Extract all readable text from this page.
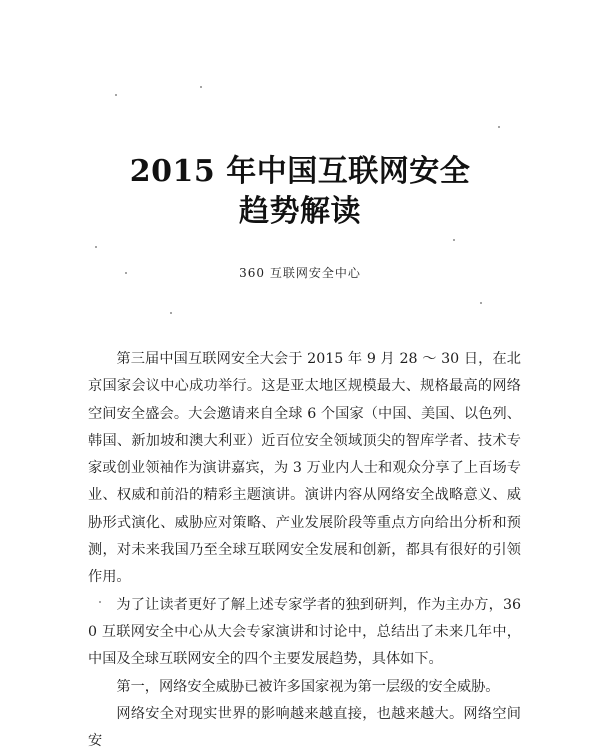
2015 年中国互联网安全
趋势解读
360 互联网安全中心

第三届中国互联网安全大会于 2015 年 9 月 28 ～ 30 日，在北京国家会议中心成功举行。这是亚太地区规模最大、规格最高的网络空间安全盛会。大会邀请来自全球 6 个国家（中国、美国、以色列、韩国、新加坡和澳大利亚）近百位安全领域顶尖的智库学者、技术专家或创业领袖作为演讲嘉宾，为 3 万业内人士和观众分享了上百场专业、权威和前沿的精彩主题演讲。演讲内容从网络安全战略意义、威胁形式演化、威胁应对策略、产业发展阶段等重点方向给出分析和预测，对未来我国乃至全球互联网安全发展和创新，都具有很好的引领作用。

为了让读者更好了解上述专家学者的独到研判，作为主办方，360 互联网安全中心从大会专家演讲和讨论中，总结出了未来几年中，中国及全球互联网安全的四个主要发展趋势，具体如下。

第一，网络安全威胁已被许多国家视为第一层级的安全威胁。

网络安全对现实世界的影响越来越直接，也越来越大。网络空间安
